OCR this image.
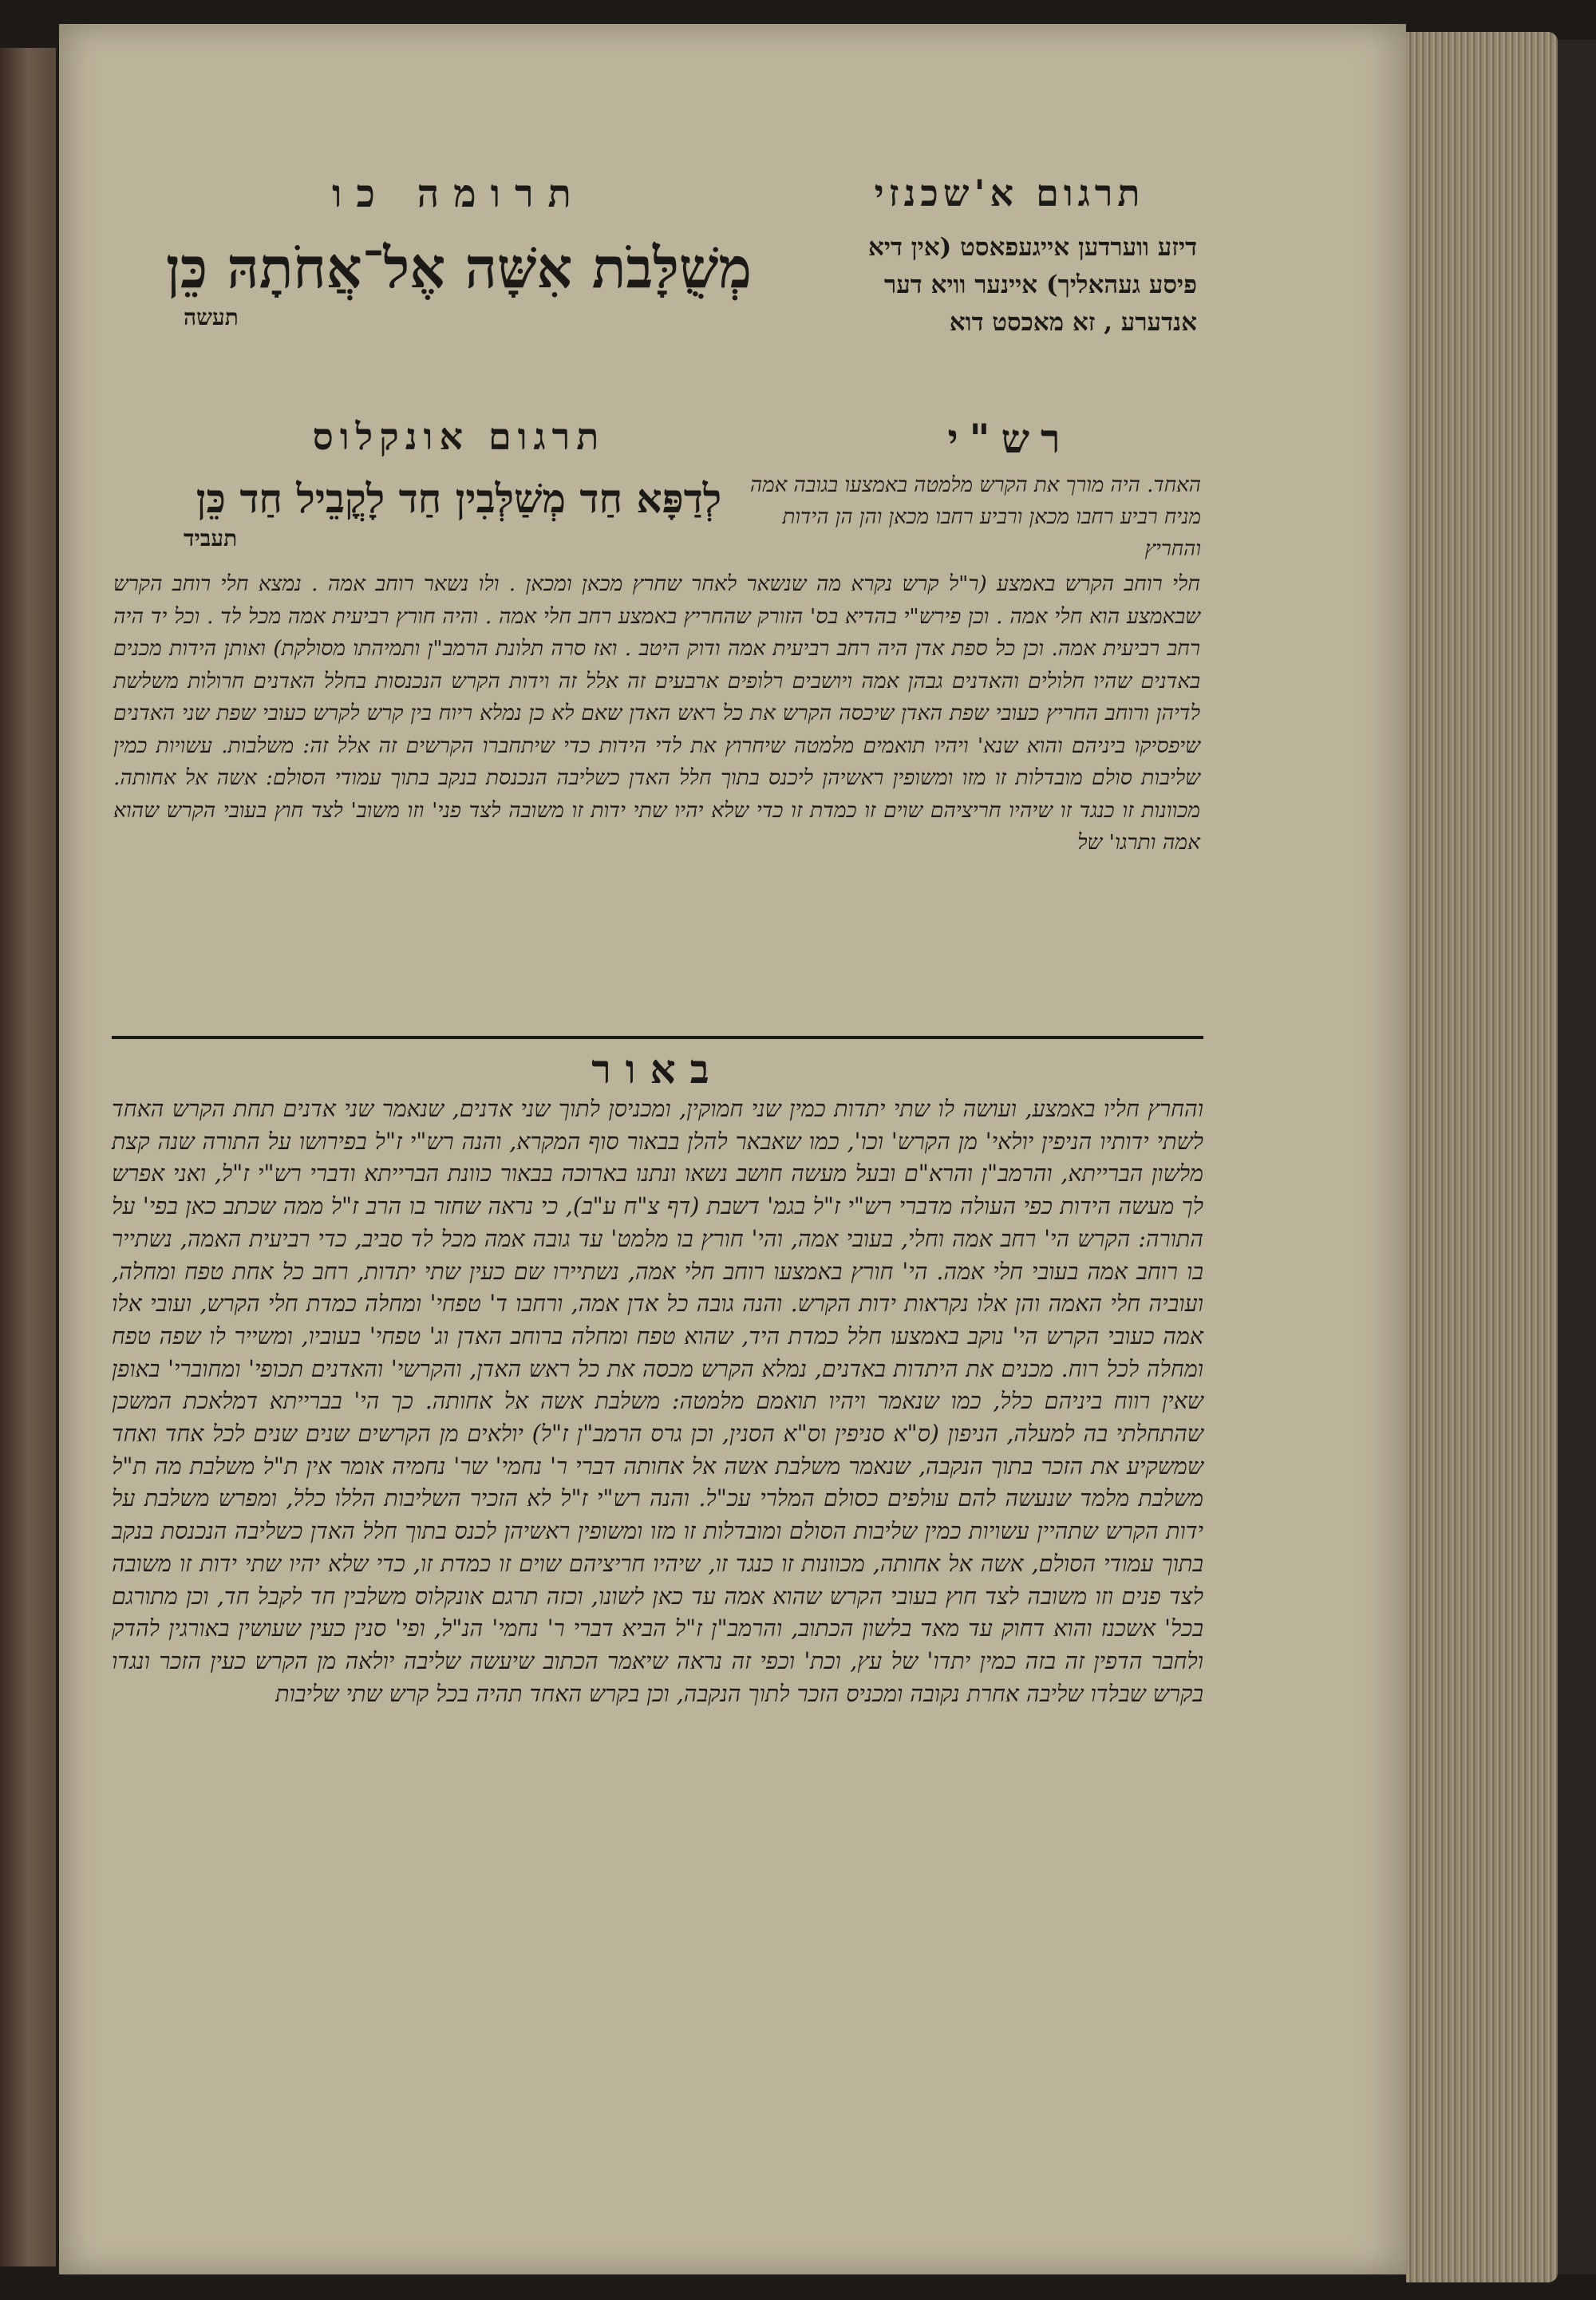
תרגום א'שכנזי
דיזע ווערדען אייגעפאסט (אין דיא פיסע געהאליך) איינער וויא דער אנדערע , זא מאכסט דוא
תרומה כו
מְשֻׁלָּבֹת אִשָּׁה אֶל־אֲחֹתָהּ כֵּן
תעשה
רש"י
תרגום אונקלוס
לְדַפָּא חַד מְשַׁלְּבִין חַד לָקֳבֵיל חַד כֵּן
תעביד
האחד. היה מורך את הקרש מלמטה באמצעו בגובה אמה מניח רביע רחבו מכאן ורביע רחבו מכאן והן הן הידות והחריץ
חלי רוחב הקרש באמצע (ר"ל קרש נקרא מה שנשאר לאחר שחרץ מכאן ומכאן . ולו נשאר רוחב אמה . נמצא חלי רוחב הקרש שבאמצע הוא חלי אמה . וכן פירש"י בהדיא בס' הזורק שהחריץ באמצע רחב חלי אמה . והיה חורץ רביעית אמה מכל לד . וכל יד היה רחב רביעית אמה. וכן כל ספת אדן היה רחב רביעית אמה ודוק היטב . ואז סרה תלונת הרמב"ן ותמיהתו מסולקת) ואותן הידות מכנים באדנים שהיו חלולים והאדנים גבהן אמה ויושבים רלופים ארבעים זה אלל זה וידות הקרש הנכנסות בחלל האדנים חרולות משלשת לדיהן ורוחב החריץ כעובי שפת האדן שיכסה הקרש את כל ראש האדן שאם לא כן נמלא ריוח בין קרש לקרש כעובי שפת שני האדנים שיפסיקו ביניהם והוא שנא' ויהיו תואמים מלמטה שיחרוץ את לדי הידות כדי שיתחברו הקרשים זה אלל זה: משלבות. עשויות כמין שליבות סולם מובדלות זו מזו ומשופין ראשיהן ליכנס בתוך חלל האדן כשליבה הנכנסת בנקב בתוך עמודי הסולם: אשה אל אחותה. מכוונות זו כנגד זו שיהיו חריציהם שוים זו כמדת זו כדי שלא יהיו שתי ידות זו משובה לצד פני' וזו משוב' לצד חוץ בעובי הקרש שהוא אמה ותרגו' של
באור
והחרץ חליו באמצע, ועושה לו שתי יתדות כמין שני חמוקין, ומכניסן לתוך שני אדנים, שנאמר שני אדנים תחת הקרש האחד לשתי ידותיו הניפין יולאי' מן הקרש' וכו', כמו שאבאר להלן בבאור סוף המקרא, והנה רש"י ז"ל בפירושו על התורה שנה קצת מלשון הברייתא, והרמב"ן והרא"ם ובעל מעשה חושב נשאו ונתנו בארוכה בבאור כוונת הברייתא ודברי רש"י ז"ל, ואני אפרש לך מעשה הידות כפי העולה מדברי רש"י ז"ל בגמ' דשבת (דף צ"ח ע"ב), כי נראה שחזר בו הרב ז"ל ממה שכתב כאן בפי' על התורה: הקרש הי' רחב אמה וחלי, בעובי אמה, והי' חורץ בו מלמט' עד גובה אמה מכל לד סביב, כדי רביעית האמה, נשתייר בו רוחב אמה בעובי חלי אמה. הי' חורץ באמצעו רוחב חלי אמה, נשתיירו שם כעין שתי יתדות, רחב כל אחת טפח ומחלה, ועוביה חלי האמה והן אלו נקראות ידות הקרש. והנה גובה כל אדן אמה, ורחבו ד' טפחי' ומחלה כמדת חלי הקרש, ועובי אלו אמה כעובי הקרש הי' נוקב באמצעו חלל כמדת היד, שהוא טפח ומחלה ברוחב האדן וג' טפחי' בעוביו, ומשייר לו שפה טפח ומחלה לכל רוח. מכנים את היתדות באדנים, נמלא הקרש מכסה את כל ראש האדן, והקרשי' והאדנים תכופי' ומחוברי' באופן שאין רווח ביניהם כלל, כמו שנאמר ויהיו תואמם מלמטה: משלבת אשה אל אחותה. כך הי' בברייתא דמלאכת המשכן שהתחלתי בה למעלה, הניפון (ס"א סניפין וס"א הסנין, וכן גרס הרמב"ן ז"ל) יולאים מן הקרשים שנים שנים לכל אחד ואחד שמשקיע את הזכר בתוך הנקבה, שנאמר משלבת אשה אל אחותה דברי ר' נחמי' שר' נחמיה אומר אין ת"ל משלבת מה ת"ל משלבת מלמד שנעשה להם עולפים כסולם המלרי עכ"ל. והנה רש"י ז"ל לא הזכיר השליבות הללו כלל, ומפרש משלבת על ידות הקרש שתהיין עשויות כמין שליבות הסולם ומובדלות זו מזו ומשופין ראשיהן לכנס בתוך חלל האדן כשליבה הנכנסת בנקב בתוך עמודי הסולם, אשה אל אחותה, מכוונות זו כנגד זו, שיהיו חריציהם שוים זו כמדת זו, כדי שלא יהיו שתי ידות זו משובה לצד פנים וזו משובה לצד חוץ בעובי הקרש שהוא אמה עד כאן לשונו, וכזה תרגם אונקלוס משלבין חד לקבל חד, וכן מתורגם בכל' אשכנז והוא דחוק עד מאד בלשון הכתוב, והרמב"ן ז"ל הביא דברי ר' נחמי' הנ"ל, ופי' סנין כעין שעושין באורגין להדק ולחבר הדפין זה בזה כמין יתדו' של עץ, וכת' וכפי זה נראה שיאמר הכתוב שיעשה שליבה יולאה מן הקרש כעין הזכר ונגדו בקרש שבלדו שליבה אחרת נקובה ומכניס הזכר לתוך הנקבה, וכן בקרש האחד תהיה בכל קרש שתי שליבות
